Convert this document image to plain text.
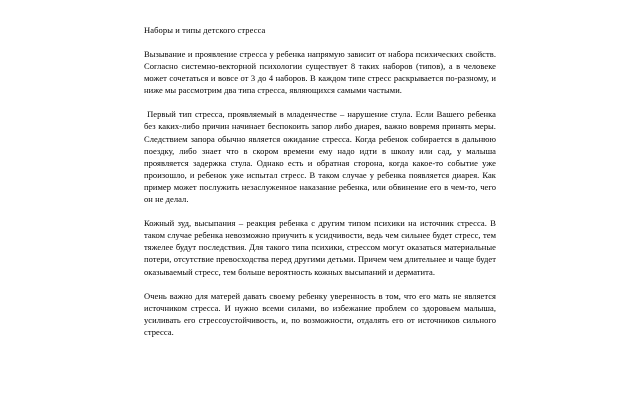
Наборы и типы детского стресса

Вызывание и проявление стресса у ребенка напрямую зависит от набора психических свойств. Согласно системно-векторной психологии существует 8 таких наборов (типов), а в человеке может сочетаться и вовсе от 3 до 4 наборов. В каждом типе стресс раскрывается по-разному, и ниже мы рассмотрим два типа стресса, являющихся самыми частыми.

Первый тип стресса, проявляемый в младенчестве – нарушение стула. Если Вашего ребенка без каких-либо причин начинает беспокоить запор либо диарея, важно вовремя принять меры. Следствием запора обычно является ожидание стресса. Когда ребенок собирается в дальнюю поездку, либо знает что в скором времени ему надо идти в школу или сад, у малыша проявляется задержка стула. Однако есть и обратная сторона, когда какое-то событие уже произошло, и ребенок уже испытал стресс. В таком случае у ребенка появляется диарея. Как пример может послужить незаслуженное наказание ребенка, или обвинение его в чем-то, чего он не делал.

Кожный зуд, высыпания – реакция ребенка с другим типом психики на источник стресса. В таком случае ребенка невозможно приучить к усидчивости, ведь чем сильнее будет стресс, тем тяжелее будут последствия. Для такого типа психики, стрессом могут оказаться материальные потери, отсутствие превосходства перед другими детьми. Причем чем длительнее и чаще будет оказываемый стресс, тем больше вероятность кожных высыпаний и дерматита.

Очень важно для матерей давать своему ребенку уверенность в том, что его мать не является источником стресса. И нужно всеми силами, во избежание проблем со здоровьем малыша, усиливать его стрессоустойчивость, и, по возможности, отдалять его от источников сильного стресса.
